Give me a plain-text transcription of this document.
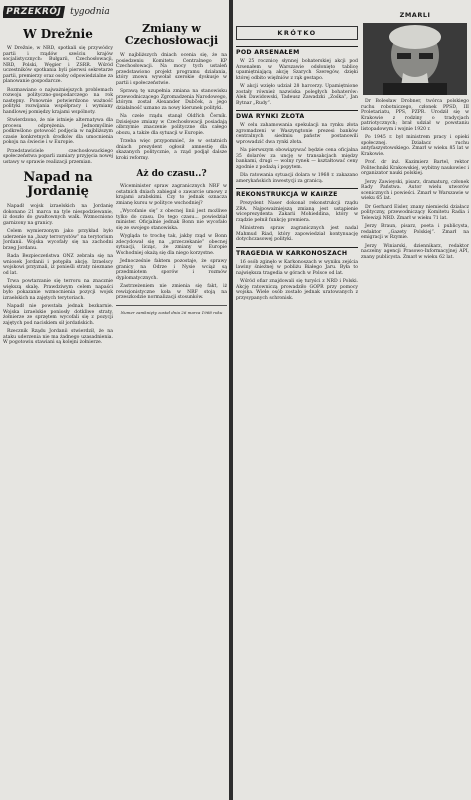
PRZEKRÓJ tygodnia
W Drežnie

W Drežnie, w NRD, spotkali się przywódcy partii i rządów sześciu krajów socjalistycznych: Bułgarii, Czechosłowacji, NRD, Polski, Węgier i ZSRR. Wśród uczestników spotkania byli pierwsi sekretarze partii, premierzy oraz osoby odpowiedzialne za planowanie gospodarcze.

Rozmawiano o najważniejszych problemach rozwoju polityczno-gospodarczego na rok następny. Ponownie potwierdzono ważność polityki rozwijania współpracy i wymiany handlowej pomiędzy krajami wspólnoty.

Stwierdzono, że nie istnieje alternatywa dla procesu odprężenia. Jednomyślnie podkreślono gotowość podjęcia w najbliższym czasie konkretnych środków dla umocnienia pokoju na świecie i w Europie.

Przedstawiciele czechosłowackiego społeczeństwa poparli zamiary przyjęcia nowej ustawy w sprawie realizacji przemian.

Napad na Jordanię

Napadł wojsk izraelskich na Jordanię dokonano 21 marca na tyle niespodziewanie, iż doszło do gwałtownych walk. Wzmocniono garnizony na granicy.

Celem wymierzonym jako przykład było uderzenie na „bazy terrorystów” na terytorium Jordanii. Wojska wycofały się na zachodni brzeg Jordanu.

Rada Bezpieczeństwa ONZ zebrała się na wniosek Jordanii i potępiła akcję. Izraelscy wojskowi przyznali, iż ponieśli straty nieznane od lat.

Trwa powtarzanie się terroru na znacznie większą skalę. Prawdziwym celem napaści było pokazanie wzmocnienia pozycji wojsk izraelskich na zajętych terytoriach.

Napadł nie powstała jednak bezkarnie. Wojska izraelskie poniosły dotkliwe straty, żołnierze ze sprzętem wycofali się z pozycji zajętych pod naciskiem sił jordańskich.

Rzecznik Rządu Jordanii stwierdził, że na ataku uderzenia nie ma żadnego uzasadnienia. W pogotowiu stawiani są kolejni żołnierze.

Zmiany w Czechosłowacji

W najbliższych dniach ocenia się, że na posiedzeniu Komitetu Centralnego KP Czechosłowacji. Na mocy tych ustaleń przedstawiono projekt programu działania, który znowu wywołał szerokie dyskusje w partii i społeczeństwie.

Sprawą tę uzupełnia zmiana na stanowisku przewodniczącego Zgromadzenia Narodowego, którym został Alexander Dubček, a jego działalność uznano za nowy kierunek polityki.

Na czele rządu stanął Oldřich Černík. Dzisiejsze zmiany w Czechosłowacji posiadają olbrzymie znaczenie polityczne dla całego obozu, a także dla sytuacji w Europie.

Trzeba więc przypomnieć, że w ostatnich dniach prezydent ogłosił amnestię dla skazanych politycznie, a rząd podjął dalsze kroki reformy.

Aż do czasu..?

Wiceminister spraw zagranicznych NRF w ostatnich dniach zabiegał o zawarcie umowy z krajami arabskimi. Czy to jednak oznacza zmianę kursu w polityce wschodniej?

„Wycofanie się” z obecnej linii jest możliwe tylko do czasu. Do tego czasu... powiedział minister. Oficjalnie jednak Bonn nie wycofało się ze swojego stanowiska.

Wygląda to trochę tak, jakby rząd w Bonn zdecydował się na „przeczekanie” obecnej sytuacji, licząc, że zmiany w Europie Wschodniej okażą się dla niego korzystne.

Jednocześnie faktem pozostaje, że sprawy granicy na Odrze i Nysie wciąż są przedmiotem sporów i rozmów dyplomatycznych.

Zastrzeżeniem nie zmienia się fakt, iż rewizjonistyczne koła w NRF stoją na przeszkodzie normalizacji stosunków.

Numer zamknięty został dnia 26 marca 1968 roku
KRÓTKO
POD ARSENAŁEM

W 25 rocznicę słynnej bohaterskiej akcji pod Arsenałem w Warszawie odsłonięto tablicę upamiętniającą akcję Szarych Szeregów, dzięki której odbito więźniów z rąk gestapo.

W akcji wzięło udział 28 harcerzy. Upamiętnione zostały również nazwiska poległych bohaterów: Alek Dawidowski, Tadeusz Zawadzki „Zośka”, Jan Bytnar „Rudy”.

DWA RYNKI ZŁOTA

W celu zahamowania spekulacji na rynku złota zgromadzeni w Waszyngtonie prezesi banków centralnych siedmiu państw postanowili wprowadzić dwa rynki złota.

Na pierwszym obowiązywać będzie cena oficjalna 35 dolarów za uncję w transakcjach między bankami, drugi — wolny rynek — kształtować ceny zgodnie z podażą i popytem.

Dla ratowania sytuacji dolara w 1968 r. zakazano amerykańskich inwestycji za granicą.

REKONSTRUKCJA W KAIRZE

Prezydent Naser dokonał rekonstrukcji rządu ZRA. Najpoważniejszą zmianą jest ustąpienie wiceprezydenta Zakarii Mohieddina, który w rządzie pełnił funkcję premiera.

Ministrem spraw zagranicznych jest nadal Mahmud Riad, który zapowiedział kontynuację dotychczasowej polityki.

TRAGEDIA W KARKONOSZACH

16 osób zginęło w Karkonoszach w wyniku zejścia lawiny śnieżnej w pobliżu Białego Jaru. Była to największa tragedia w górach w Polsce od lat.

Wśród ofiar znajdowali się turyści z NRD i Polski. Akcję ratowniczą prowadziło GOPR przy pomocy wojska. Wiele osób zostało jednak uratowanych z przysypanych schronisk.

ZMARLI

Dr Bolesław Drobner, twórca polskiego ruchu robotniczego, członek PPSD, III Proletariatu, PPS, PZPR. Urodził się w Krakowie z rodziny o tradycjach patriotycznych; brał udział w powstaniu listopadowym i wojnie 1920 r.

Po 1945 r. był ministrem pracy i opieki społecznej. Działacz ruchu antyfaszystowskiego. Zmarł w wieku 85 lat w Krakowie.

Prof. dr inż. Kazimierz Bartel, rektor Politechniki Krakowskiej, wybitny naukowiec i organizator nauki polskiej.

Jerzy Zawieyski, pisarz, dramaturg, członek Rady Państwa. Autor wielu utworów scenicznych i powieści. Zmarł w Warszawie w wieku 65 lat.

Dr Gerhard Eisler, znany niemiecki działacz polityczny, przewodniczący Komitetu Radia i Telewizji NRD. Zmarł w wieku 71 lat.

Jerzy Braun, pisarz, poeta i publicysta, redaktor „Gazety Polskiej”. Zmarł na emigracji w Rzymie.

Jerzy Winiarski, dziennikarz, redaktor naczelny agencji Prasowo-Informacyjnej API, znany publicysta. Zmarł w wieku 62 lat.
